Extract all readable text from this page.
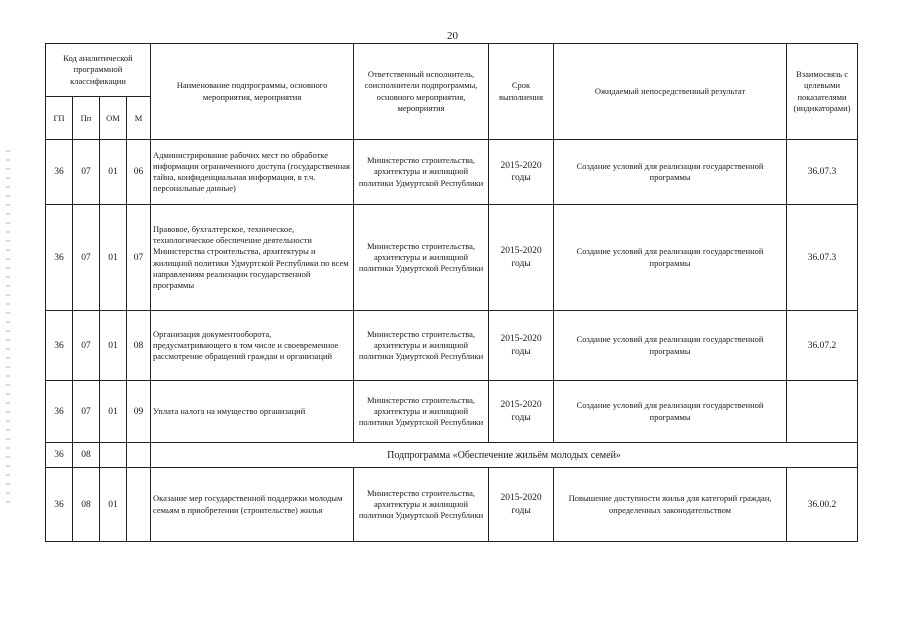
20
Код аналитической программной классификации				Наименование подпрограммы, основного мероприятия, мероприятия	Ответственный исполнитель, соисполнители подпрограммы, основного мероприятия, мероприятия	Срок выполнения	Ожидаемый непосредственный результат	Взаимосвязь с целевыми показателями (индикаторами)
ГП	Пп	ОМ	М					
36	07	01	06	Администрирование рабочих мест по обработке информации ограниченного доступа (государственная тайна, конфиденциальная информация, в т.ч. персональные данные)	Министерство строительства, архитектуры и жилищной политики Удмуртской Республики	2015-2020 годы	Создание условий для реализации государственной программы	36.07.3
36	07	01	07	Правовое, бухгалтерское, техническое, технологическое обеспечение деятельности Министерства строительства, архитектуры и жилищной политики Удмуртской Республики по всем направлениям реализации государственной программы	Министерство строительства, архитектуры и жилищной политики Удмуртской Республики	2015-2020 годы	Создание условий для реализации государственной программы	36.07.3
36	07	01	08	Организация документооборота, предусматривающего в том числе и своевременное рассмотрение обращений граждан и организаций	Министерство строительства, архитектуры и жилищной политики Удмуртской Республики	2015-2020 годы	Создание условий для реализации государственной программы	36.07.2
36	07	01	09	Уплата налога на имущество организаций	Министерство строительства, архитектуры и жилищной политики Удмуртской Республики	2015-2020 годы	Создание условий для реализации государственной программы	
36	08			Подпрограмма «Обеспечение жильём молодых семей»				
36	08	01		Оказание мер государственной поддержки молодым семьям в приобретении (строительстве) жилья	Министерство строительства, архитектуры и жилищной политики Удмуртской Республики	2015-2020 годы	Повышение доступности жилья для категорий граждан, определенных законодательством	36.00.2
